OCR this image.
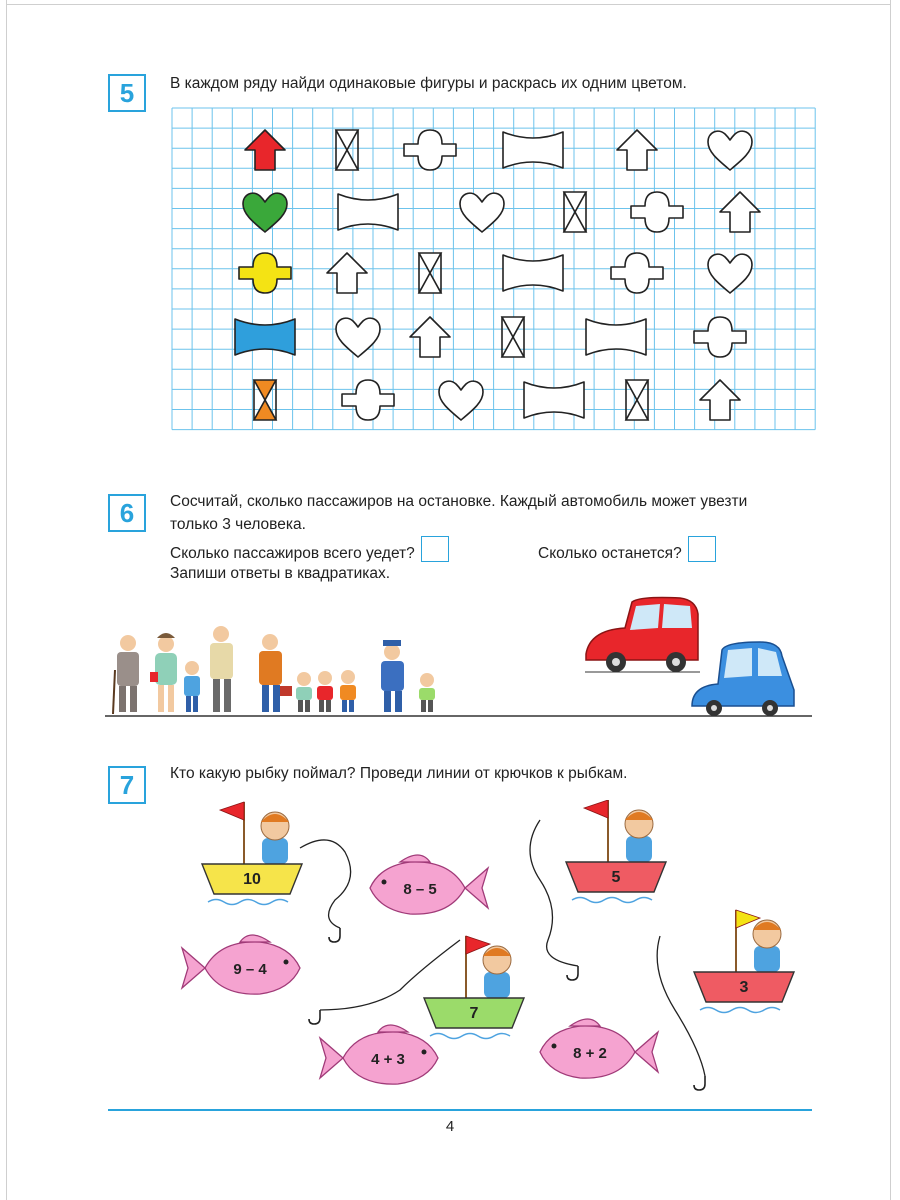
5	В каждом ряду найди одинаковые фигуры и раскрась их одним цветом.
6	Сосчитай, сколько пассажиров на остановке. Каждый автомобиль может увезти
только 3 человека.
Сколько пассажиров всего уедет?	Сколько останется?
Запиши ответы в квадратиках.
7	Кто какую рыбку поймал? Проведи линии от крючков к рыбкам.
10	5
7
3
8 – 5
9 – 4
4 + 3	8 + 2
4
